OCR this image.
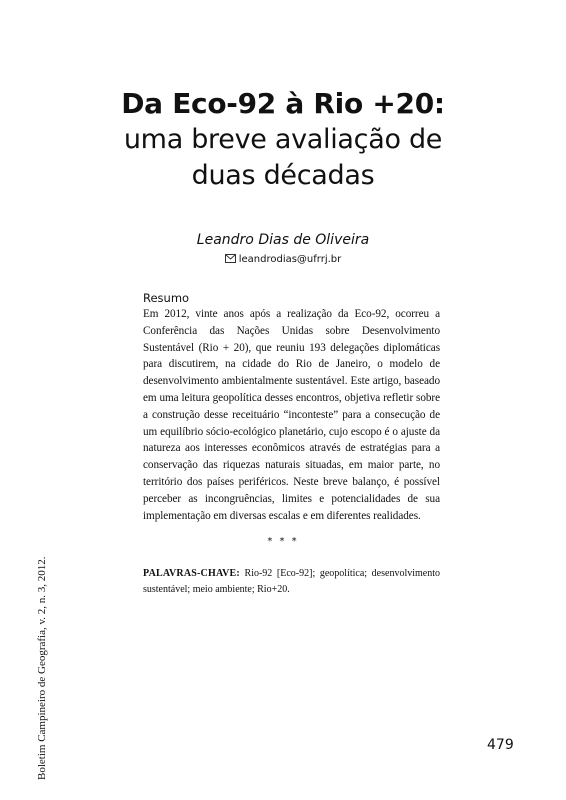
Da Eco-92 à Rio +20:
uma breve avaliação de
duas décadas
Leandro Dias de Oliveira
leandrodias@ufrrj.br
Resumo
Em 2012, vinte anos após a realização da Eco-92, ocorreu a Conferência das Nações Unidas sobre Desenvolvimento Sustentável (Rio + 20), que reuniu 193 delegações diplomáticas para discutirem, na cidade do Rio de Janeiro, o modelo de desenvolvimento ambientalmente sustentável. Este artigo, baseado em uma leitura geopolítica desses encontros, objetiva refletir sobre a construção desse receituário “inconteste” para a consecução de um equilíbrio sócio-ecológico planetário, cujo escopo é o ajuste da natureza aos interesses econômicos através de estratégias para a conservação das riquezas naturais situadas, em maior parte, no território dos países periféricos. Neste breve balanço, é possível perceber as incongruências, limites e potencialidades de sua implementação em diversas escalas e em diferentes realidades.
* * *
PALAVRAS-CHAVE: Rio-92 [Eco-92]; geopolítica; desenvolvimento sustentável; meio ambiente; Rio+20.
Boletim Campineiro de Geografia, v. 2, n. 3, 2012.	479
